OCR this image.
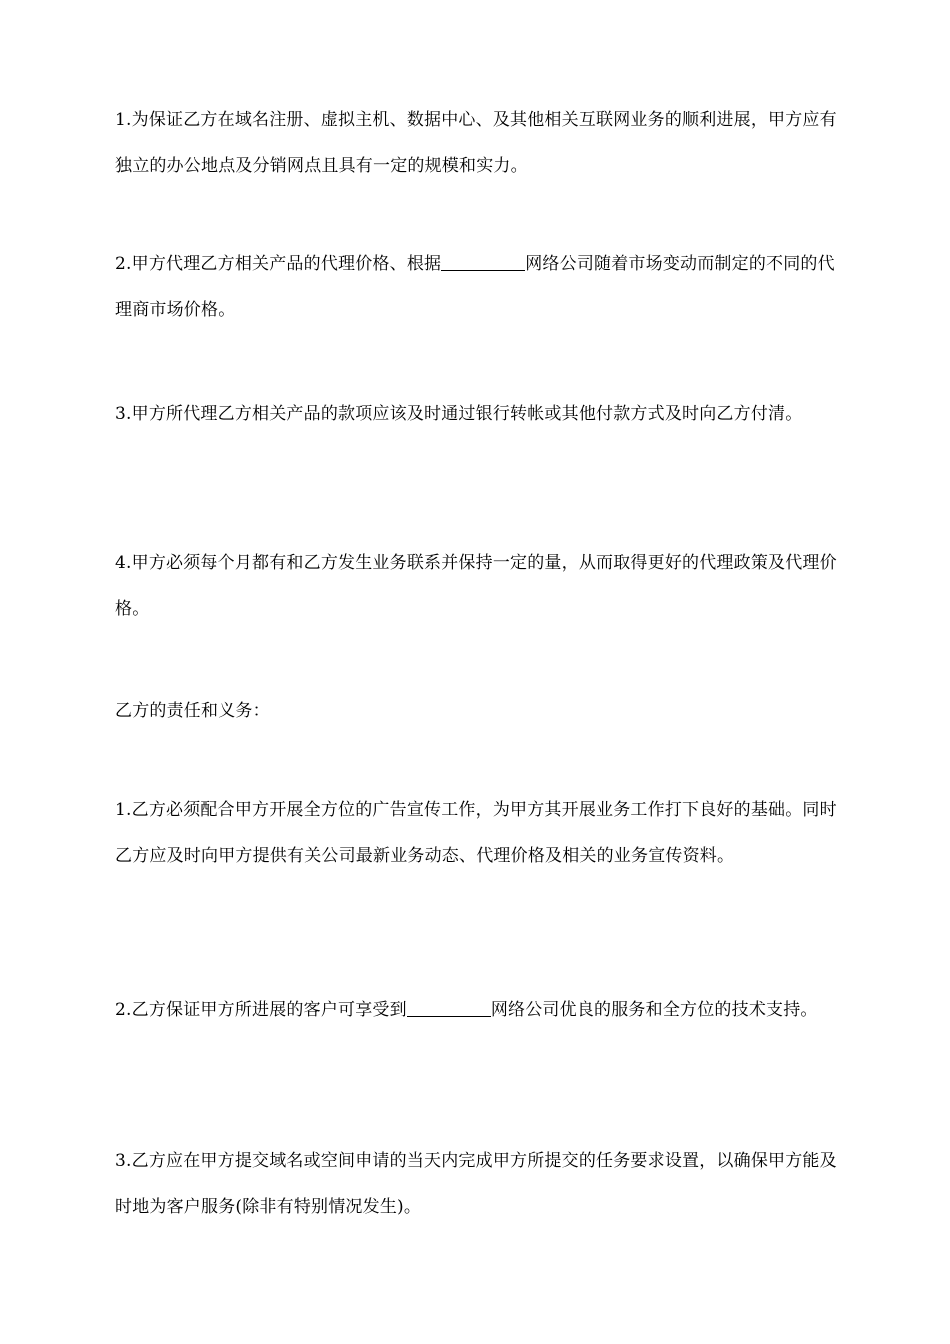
1.为保证乙方在域名注册、虚拟主机、数据中心、及其他相关互联网业务的顺利进展，甲方应有独立的办公地点及分销网点且具有一定的规模和实力。

2.甲方代理乙方相关产品的代理价格、根据	网络公司随着市场变动而制定的不同的代理商市场价格。

3.甲方所代理乙方相关产品的款项应该及时通过银行转帐或其他付款方式及时向乙方付清。

4.甲方必须每个月都有和乙方发生业务联系并保持一定的量，从而取得更好的代理政策及代理价格。

乙方的责任和义务：

1.乙方必须配合甲方开展全方位的广告宣传工作，为甲方其开展业务工作打下良好的基础。同时乙方应及时向甲方提供有关公司最新业务动态、代理价格及相关的业务宣传资料。

2.乙方保证甲方所进展的客户可享受到	网络公司优良的服务和全方位的技术支持。

3.乙方应在甲方提交域名或空间申请的当天内完成甲方所提交的任务要求设置，以确保甲方能及时地为客户服务(除非有特别情况发生)。
